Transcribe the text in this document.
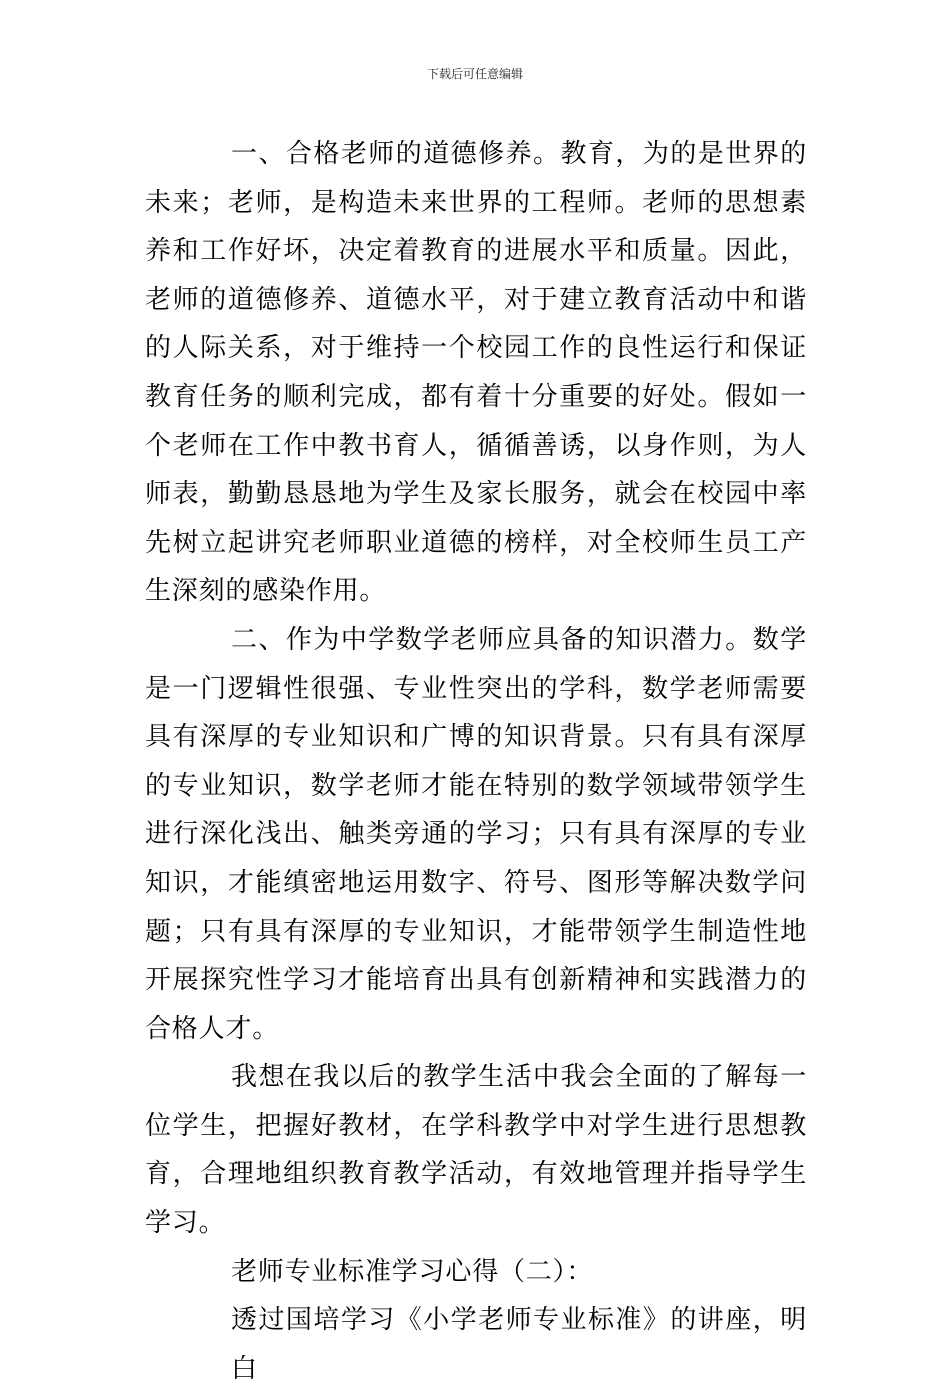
下载后可任意编辑

一、合格老师的道德修养。教育，为的是世界的未来；老师，是构造未来世界的工程师。老师的思想素养和工作好坏，决定着教育的进展水平和质量。因此，老师的道德修养、道德水平，对于建立教育活动中和谐的人际关系，对于维持一个校园工作的良性运行和保证教育任务的顺利完成，都有着十分重要的好处。假如一个老师在工作中教书育人，循循善诱，以身作则，为人师表，勤勤恳恳地为学生及家长服务，就会在校园中率先树立起讲究老师职业道德的榜样，对全校师生员工产生深刻的感染作用。

二、作为中学数学老师应具备的知识潜力。数学是一门逻辑性很强、专业性突出的学科，数学老师需要具有深厚的专业知识和广博的知识背景。只有具有深厚的专业知识，数学老师才能在特别的数学领域带领学生进行深化浅出、触类旁通的学习；只有具有深厚的专业知识，才能缜密地运用数字、符号、图形等解决数学问题；只有具有深厚的专业知识，才能带领学生制造性地开展探究性学习才能培育出具有创新精神和实践潜力的合格人才。

我想在我以后的教学生活中我会全面的了解每一位学生，把握好教材，在学科教学中对学生进行思想教育，合理地组织教育教学活动，有效地管理并指导学生学习。

老师专业标准学习心得（二）：

透过国培学习《小学老师专业标准》的讲座，明白
